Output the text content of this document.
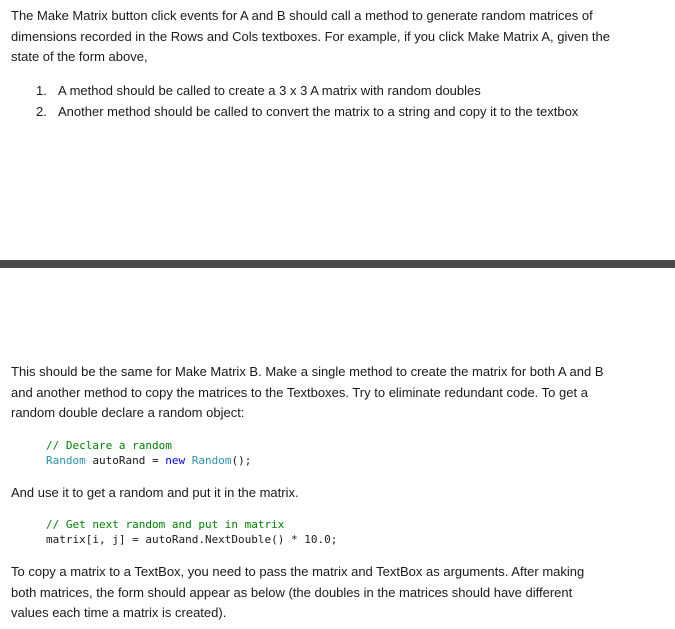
The Make Matrix button click events for A and B should call a method to generate random matrices of
dimensions recorded in the Rows and Cols textboxes. For example, if you click Make Matrix A, given the
state of the form above,

1. A method should be called to create a 3 x 3 A matrix with random doubles
2. Another method should be called to convert the matrix to a string and copy it to the textbox

This should be the same for Make Matrix B. Make a single method to create the matrix for both A and B
and another method to copy the matrices to the Textboxes. Try to eliminate redundant code. To get a
random double declare a random object:

// Declare a random
Random autoRand = new Random();

And use it to get a random and put it in the matrix.

// Get next random and put in matrix
matrix[i, j] = autoRand.NextDouble() * 10.0;

To copy a matrix to a TextBox, you need to pass the matrix and TextBox as arguments. After making
both matrices, the form should appear as below (the doubles in the matrices should have different
values each time a matrix is created).
